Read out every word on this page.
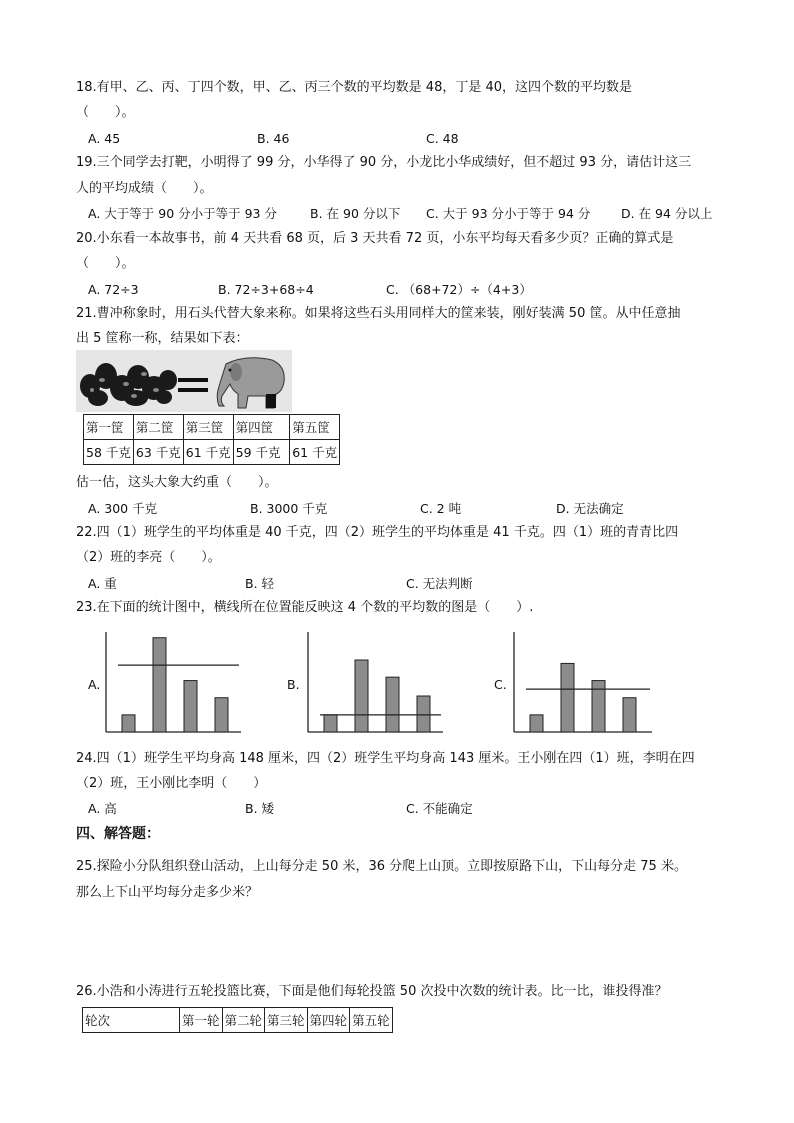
18.有甲、乙、丙、丁四个数，甲、乙、丙三个数的平均数是 48，丁是 40，这四个数的平均数是
（　　）。
A. 45	B. 46	C. 48
19.三个同学去打靶，小明得了 99 分，小华得了 90 分，小龙比小华成绩好，但不超过 93 分，请估计这三
人的平均成绩（　　）。
A. 大于等于 90 分小于等于 93 分	B. 在 90 分以下 C. 大于 93 分小于等于 94 分 D. 在 94 分以上
20.小东看一本故事书，前 4 天共看 68 页，后 3 天共看 72 页，小东平均每天看多少页？正确的算式是
（　　）。
A. 72÷3	B. 72÷3+68÷4	C. （68+72）÷（4+3）
21.曹冲称象时，用石头代替大象来称。如果将这些石头用同样大的筐来装，刚好装满 50 筐。从中任意抽
出 5 筐称一称，结果如下表：
第一筐	第二筐	第三筐	第四筐	第五筐
58 千克	63 千克	61 千克	59 千克	61 千克
估一估，这头大象大约重（　　）。
A. 300 千克	B. 3000 千克	C. 2 吨	D. 无法确定
22.四（1）班学生的平均体重是 40 千克，四（2）班学生的平均体重是 41 千克。四（1）班的青青比四
（2）班的李亮（　　）。
A. 重	B. 轻	C. 无法判断
23.在下面的统计图中，横线所在位置能反映这 4 个数的平均数的图是（　　）.
A.	B.	C.
24.四（1）班学生平均身高 148 厘米，四（2）班学生平均身高 143 厘米。王小刚在四（1）班，李明在四
（2）班，王小刚比李明（　　）
A. 高	B. 矮	C. 不能确定
四、解答题：
25.探险小分队组织登山活动，上山每分走 50 米，36 分爬上山顶。立即按原路下山，下山每分走 75 米。
那么上下山平均每分走多少米？
26.小浩和小涛进行五轮投篮比赛，下面是他们每轮投篮 50 次投中次数的统计表。比一比，谁投得准？
轮次	第一轮	第二轮	第三轮	第四轮	第五轮
